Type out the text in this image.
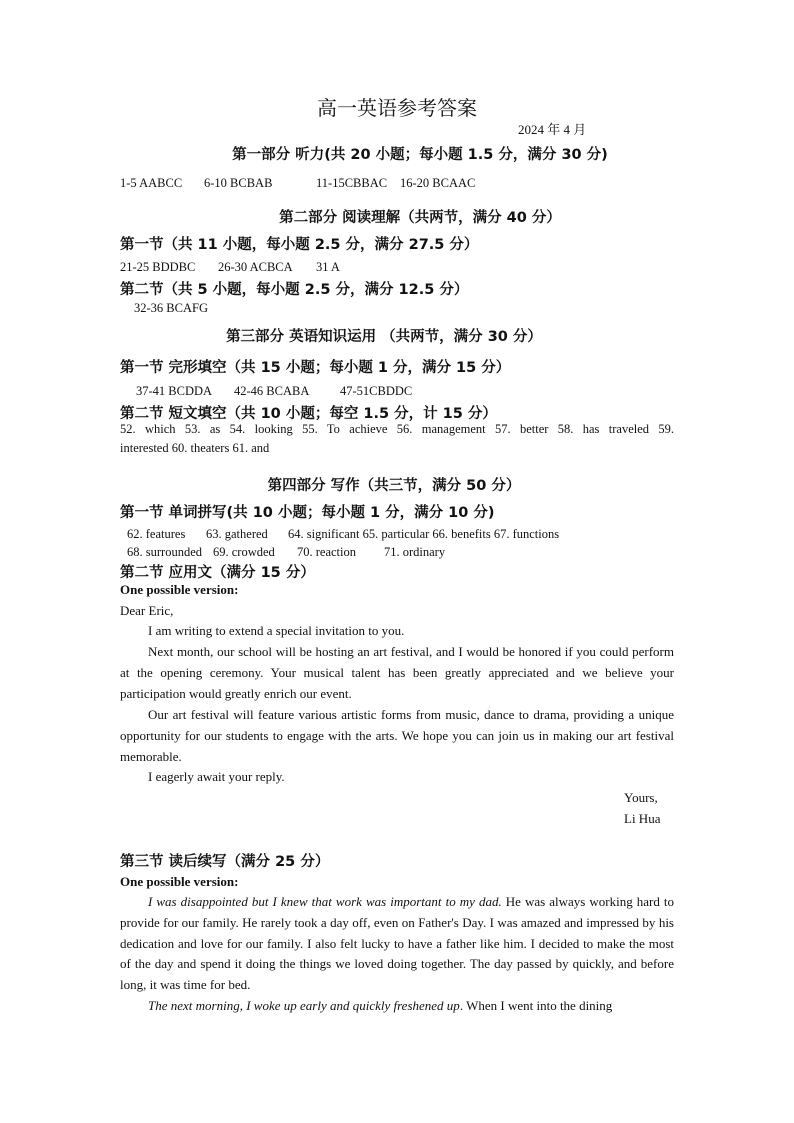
高一英语参考答案
2024 年 4 月
第一部分 听力(共 20 小题；每小题 1.5 分，满分 30 分)
1-5 AABCC 6-10 BCBAB	11-15CBBAC 16-20 BCAAC
第二部分 阅读理解（共两节，满分 40 分）
第一节（共 11 小题，每小题 2.5 分，满分 27.5 分）
21-25 BDDBC 26-30 ACBCA 31 A
第二节（共 5 小题，每小题 2.5 分，满分 12.5 分）
32-36 BCAFG
第三部分 英语知识运用 （共两节，满分 30 分）
第一节 完形填空（共 15 小题；每小题 1 分，满分 15 分）
37-41 BCDDA 42-46 BCABA 47-51CBDDC
第二节 短文填空（共 10 小题；每空 1.5 分，计 15 分）
52. which 53. as 54. looking 55. To achieve 56. management 57. better 58. has traveled 59.
interested 60. theaters 61. and
第四部分 写作（共三节，满分 50 分）
第一节 单词拼写(共 10 小题；每小题 1 分，满分 10 分)
62. features 63. gathered 64. significant 65. particular 66. benefits 67. functions
68. surrounded 69. crowded 70. reaction 71. ordinary
第二节 应用文（满分 15 分）
One possible version:
Dear Eric,
I am writing to extend a special invitation to you.
Next month, our school will be hosting an art festival, and I would be honored if you could perform at the opening ceremony. Your musical talent has been greatly appreciated and we believe your participation would greatly enrich our event.
Our art festival will feature various artistic forms from music, dance to drama, providing a unique opportunity for our students to engage with the arts. We hope you can join us in making our art festival memorable.
I eagerly await your reply.
Yours,
Li Hua
第三节 读后续写（满分 25 分）
One possible version:
I was disappointed but I knew that work was important to my dad. He was always working hard to provide for our family. He rarely took a day off, even on Father's Day. I was amazed and impressed by his dedication and love for our family. I also felt lucky to have a father like him. I decided to make the most of the day and spend it doing the things we loved doing together. The day passed by quickly, and before long, it was time for bed.
The next morning, I woke up early and quickly freshened up. When I went into the dining
